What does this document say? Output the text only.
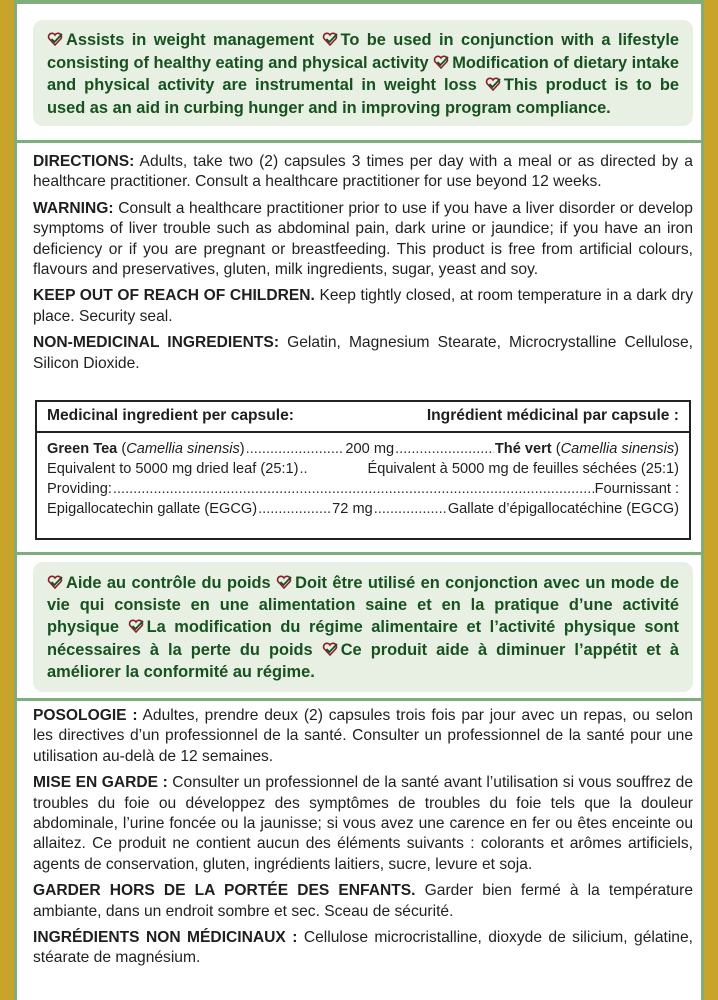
Assists in weight management To be used in conjunction with a lifestyle consisting of healthy eating and physical activity Modification of dietary intake and physical activity are instrumental in weight loss This product is to be used as an aid in curbing hunger and in improving program compliance.

DIRECTIONS: Adults, take two (2) capsules 3 times per day with a meal or as directed by a healthcare practitioner. Consult a healthcare practitioner for use beyond 12 weeks.

WARNING: Consult a healthcare practitioner prior to use if you have a liver disorder or develop symptoms of liver trouble such as abdominal pain, dark urine or jaundice; if you have an iron deficiency or if you are pregnant or breastfeeding. This product is free from artificial colours, flavours and preservatives, gluten, milk ingredients, sugar, yeast and soy.

KEEP OUT OF REACH OF CHILDREN. Keep tightly closed, at room temperature in a dark dry place. Security seal.

NON-MEDICINAL INGREDIENTS: Gelatin, Magnesium Stearate, Microcrystalline Cellulose, Silicon Dioxide.

Medicinal ingredient per capsule:	Ingrédient médicinal par capsule :
Green Tea (Camellia sinensis) .....	200 mg .....	Thé vert (Camellia sinensis)
Equivalent to 5000 mg dried leaf (25:1) .....	Équivalent à 5000 mg de feuilles séchées (25:1)
Providing: .....	Fournissant :
Epigallocatechin gallate (EGCG) .....	72 mg .....	Gallate d’épigallocatéchine (EGCG)
Aide au contrôle du poids Doit être utilisé en conjonction avec un mode de vie qui consiste en une alimentation saine et en la pratique d’une activité physique La modification du régime alimentaire et l’activité physique sont nécessaires à la perte du poids Ce produit aide à diminuer l’appétit et à améliorer la conformité au régime.

POSOLOGIE : Adultes, prendre deux (2) capsules trois fois par jour avec un repas, ou selon les directives d’un professionnel de la santé. Consulter un professionnel de la santé pour une utilisation au-delà de 12 semaines.

MISE EN GARDE : Consulter un professionnel de la santé avant l’utilisation si vous souffrez de troubles du foie ou développez des symptômes de troubles du foie tels que la douleur abdominale, l’urine foncée ou la jaunisse; si vous avez une carence en fer ou êtes enceinte ou allaitez. Ce produit ne contient aucun des éléments suivants : colorants et arômes artificiels, agents de conservation, gluten, ingrédients laitiers, sucre, levure et soja.

GARDER HORS DE LA PORTÉE DES ENFANTS. Garder bien fermé à la température ambiante, dans un endroit sombre et sec. Sceau de sécurité.

INGRÉDIENTS NON MÉDICINAUX : Cellulose microcristalline, dioxyde de silicium, gélatine, stéarate de magnésium.
